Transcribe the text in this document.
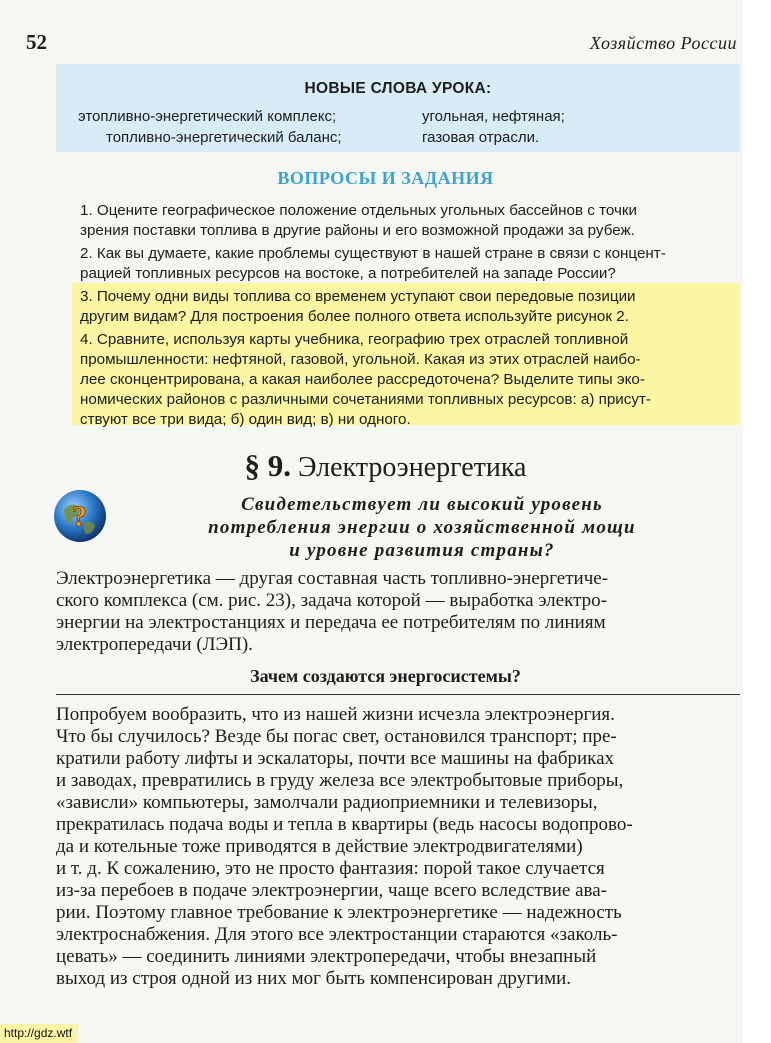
52	Хозяйство России
НОВЫЕ СЛОВА УРОКА:
этопливно-энергетический комплекс;	угольная, нефтяная;
топливно-энергетический баланс;	газовая отрасли.
ВОПРОСЫ И ЗАДАНИЯ
1. Оцените географическое положение отдельных угольных бассейнов с точки
зрения поставки топлива в другие районы и его возможной продажи за рубеж.
2. Как вы думаете, какие проблемы существуют в нашей стране в связи с концент-
рацией топливных ресурсов на востоке, а потребителей на западе России?
3. Почему одни виды топлива со временем уступают свои передовые позиции
другим видам? Для построения более полного ответа используйте рисунок 2.
4. Сравните, используя карты учебника, географию трех отраслей топливной
промышленности: нефтяной, газовой, угольной. Какая из этих отраслей наибо-
лее сконцентрирована, а какая наиболее рассредоточена? Выделите типы эко-
номических районов с различными сочетаниями топливных ресурсов: а) присут-
ствуют все три вида; б) один вид; в) ни одного.
§ 9. Электроэнергетика
?	Свидетельствует ли высокий уровень
потребления энергии о хозяйственной мощи
и уровне развития страны?
Электроэнергетика — другая составная часть топливно-энергетиче-
ского комплекса (см. рис. 23), задача которой — выработка электро-
энергии на электростанциях и передача ее потребителям по линиям
электропередачи (ЛЭП).
Зачем создаются энергосистемы?
Попробуем вообразить, что из нашей жизни исчезла электроэнергия.
Что бы случилось? Везде бы погас свет, остановился транспорт; пре-
кратили работу лифты и эскалаторы, почти все машины на фабриках
и заводах, превратились в груду железа все электробытовые приборы,
«зависли» компьютеры, замолчали радиоприемники и телевизоры,
прекратилась подача воды и тепла в квартиры (ведь насосы водопрово-
да и котельные тоже приводятся в действие электродвигателями)
и т. д. К сожалению, это не просто фантазия: порой такое случается
из-за перебоев в подаче электроэнергии, чаще всего вследствие ава-
рии. Поэтому главное требование к электроэнергетике — надежность
электроснабжения. Для этого все электростанции стараются «заколь-
цевать» — соединить линиями электропередачи, чтобы внезапный
выход из строя одной из них мог быть компенсирован другими.
http://gdz.wtf
